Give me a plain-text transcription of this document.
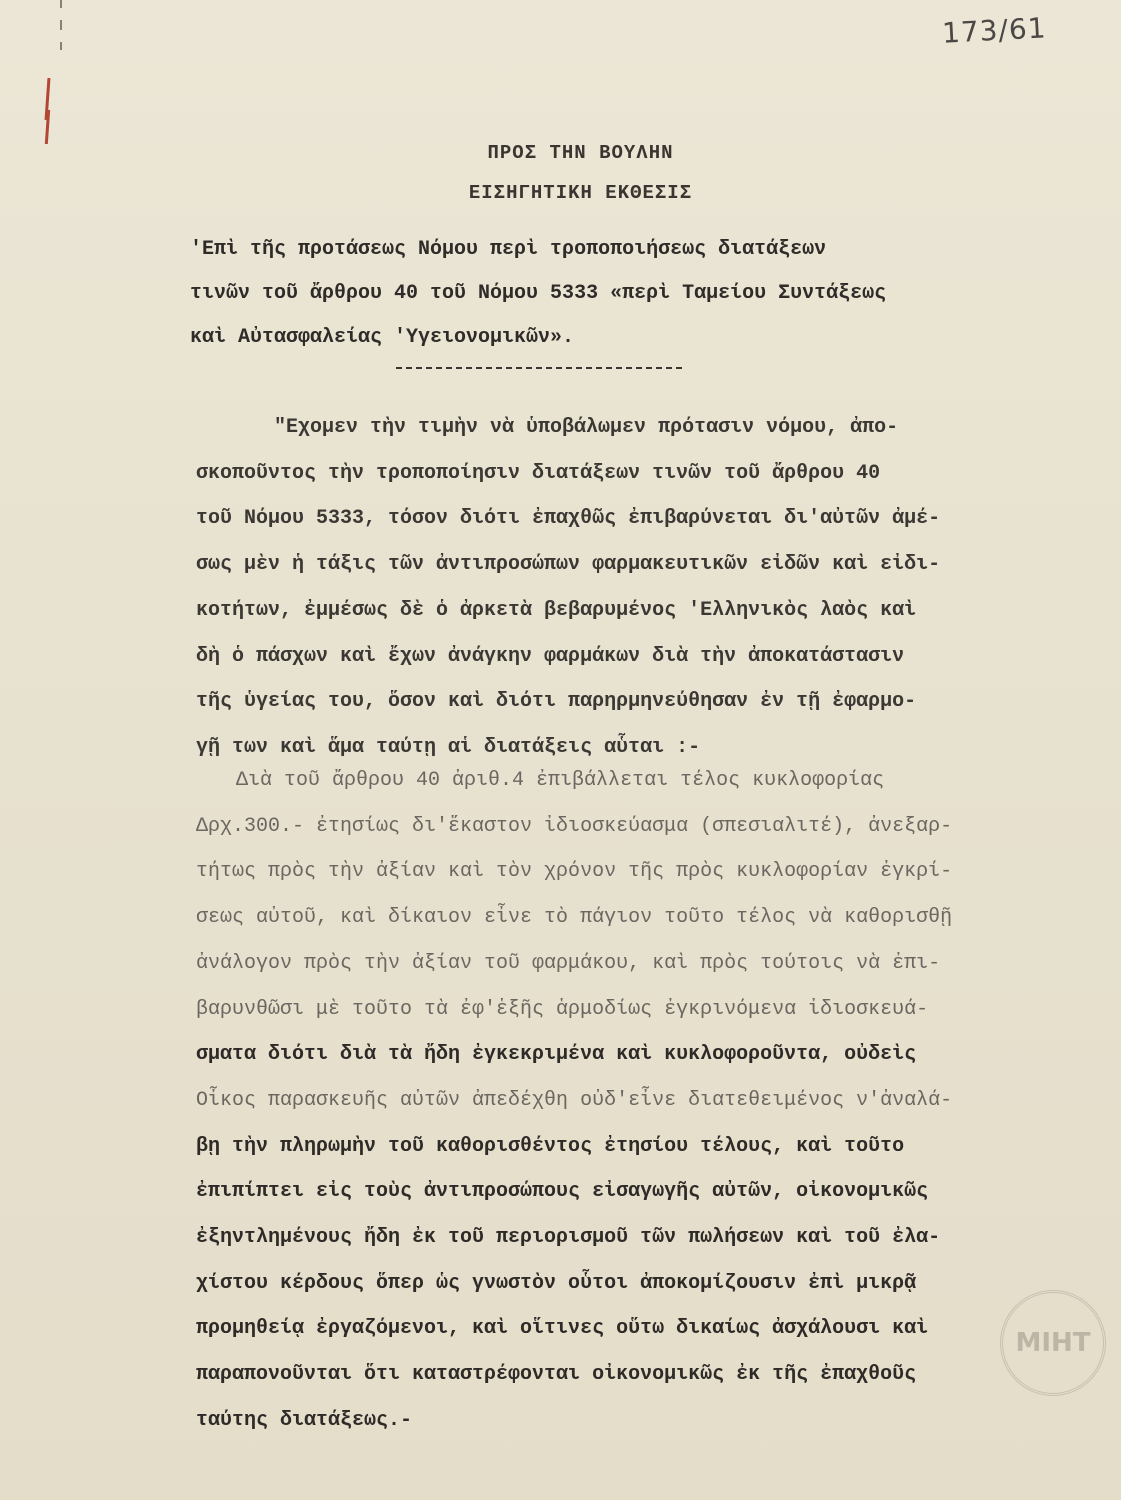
173/61
ΠΡΟΣ ΤΗΝ ΒΟΥΛΗΝ
ΕΙΣΗΓΗΤΙΚΗ ΕΚΘΕΣΙΣ
'Επὶ τῆς προτάσεως Νόμου περὶ τροποποιήσεως διατάξεων
τινῶν τοῦ ἄρθρου 40 τοῦ Νόμου 5333 «περὶ Ταμείου Συντάξεως
καὶ Αὐτασφαλείας 'Υγειονομικῶν».
"Εχομεν τὴν τιμὴν νὰ ὑποβάλωμεν πρότασιν νόμου, ἀπο-
σκοποῦντος τὴν τροποποίησιν διατάξεων τινῶν τοῦ ἄρθρου 40
τοῦ Νόμου 5333, τόσον διότι ἐπαχθῶς ἐπιβαρύνεται δι'αὐτῶν ἀμέ-
σως μὲν ἡ τάξις τῶν ἀντιπροσώπων φαρμακευτικῶν εἰδῶν καὶ εἰδι-
κοτήτων, ἐμμέσως δὲ ὁ ἀρκετὰ βεβαρυμένος 'Ελληνικὸς λαὸς καὶ
δὴ ὁ πάσχων καὶ ἔχων ἀνάγκην φαρμάκων διὰ τὴν ἀποκατάστασιν
τῆς ὑγείας του, ὅσον καὶ διότι παρηρμηνεύθησαν ἐν τῇ ἐφαρμο-
γῇ των καὶ ἅμα ταύτῃ αἱ διατάξεις αὗται :-
Διὰ τοῦ ἄρθρου 40 ἀριθ.4 ἐπιβάλλεται τέλος κυκλοφορίας
Δρχ.300.- ἐτησίως δι'ἕκαστον ἰδιοσκεύασμα (σπεσιαλιτέ), ἀνεξαρ-
τήτως πρὸς τὴν ἀξίαν καὶ τὸν χρόνον τῆς πρὸς κυκλοφορίαν ἐγκρί-
σεως αὐτοῦ, καὶ δίκαιον εἶνε τὸ πάγιον τοῦτο τέλος νὰ καθορισθῇ
ἀνάλογον πρὸς τὴν ἀξίαν τοῦ φαρμάκου, καὶ πρὸς τούτοις νὰ ἐπι-
βαρυνθῶσι μὲ τοῦτο τὰ ἐφ'ἑξῆς ἁρμοδίως ἐγκρινόμενα ἰδιοσκευά-
σματα διότι διὰ τὰ ἤδη ἐγκεκριμένα καὶ κυκλοφοροῦντα, οὐδεὶς
Οἶκος παρασκευῆς αὐτῶν ἀπεδέχθη οὐδ'εἶνε διατεθειμένος ν'ἀναλά-
βῃ τὴν πληρωμὴν τοῦ καθορισθέντος ἐτησίου τέλους, καὶ τοῦτο
ἐπιπίπτει εἰς τοὺς ἀντιπροσώπους εἰσαγωγῆς αὐτῶν, οἰκονομικῶς
ἐξηντλημένους ἤδη ἐκ τοῦ περιορισμοῦ τῶν πωλήσεων καὶ τοῦ ἐλα-
χίστου κέρδους ὅπερ ὡς γνωστὸν οὗτοι ἀποκομίζουσιν ἐπὶ μικρᾷ
προμηθείᾳ ἐργαζόμενοι, καὶ οἵτινες οὕτω δικαίως ἀσχάλουσι καὶ
παραπονοῦνται ὅτι καταστρέφονται οἰκονομικῶς ἐκ τῆς ἐπαχθοῦς
ταύτης διατάξεως.-
ΜΙΗΤ
